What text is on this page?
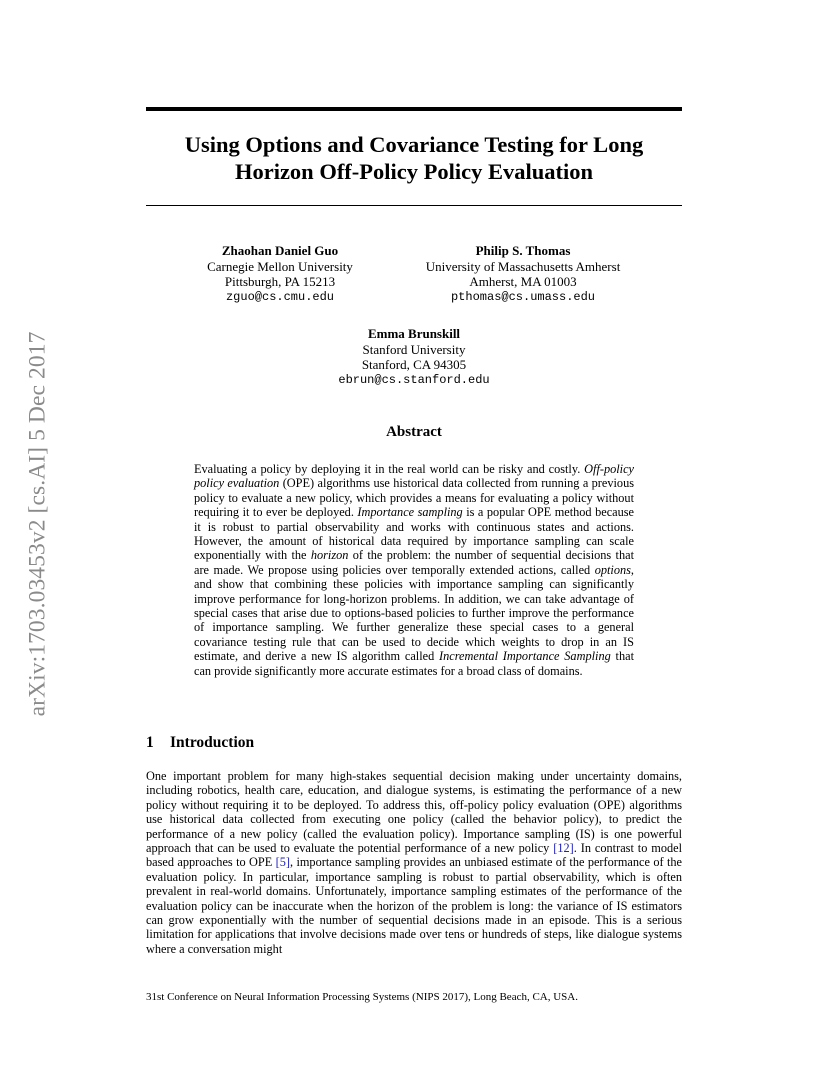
arXiv:1703.03453v2 [cs.AI] 5 Dec 2017
Using Options and Covariance Testing for Long
Horizon Off-Policy Policy Evaluation
Zhaohan Daniel Guo
Carnegie Mellon University
Pittsburgh, PA 15213
zguo@cs.cmu.edu
Philip S. Thomas
University of Massachusetts Amherst
Amherst, MA 01003
pthomas@cs.umass.edu
Emma Brunskill
Stanford University
Stanford, CA 94305
ebrun@cs.stanford.edu
Abstract

Evaluating a policy by deploying it in the real world can be risky and costly. Off-policy policy evaluation (OPE) algorithms use historical data collected from running a previous policy to evaluate a new policy, which provides a means for evaluating a policy without requiring it to ever be deployed. Importance sampling is a popular OPE method because it is robust to partial observability and works with continuous states and actions. However, the amount of historical data required by importance sampling can scale exponentially with the horizon of the problem: the number of sequential decisions that are made. We propose using policies over temporally extended actions, called options, and show that combining these policies with importance sampling can significantly improve performance for long-horizon problems. In addition, we can take advantage of special cases that arise due to options-based policies to further improve the performance of importance sampling. We further generalize these special cases to a general covariance testing rule that can be used to decide which weights to drop in an IS estimate, and derive a new IS algorithm called Incremental Importance Sampling that can provide significantly more accurate estimates for a broad class of domains.

1 Introduction

One important problem for many high-stakes sequential decision making under uncertainty domains, including robotics, health care, education, and dialogue systems, is estimating the performance of a new policy without requiring it to be deployed. To address this, off-policy policy evaluation (OPE) algorithms use historical data collected from executing one policy (called the behavior policy), to predict the performance of a new policy (called the evaluation policy). Importance sampling (IS) is one powerful approach that can be used to evaluate the potential performance of a new policy [12]. In contrast to model based approaches to OPE [5], importance sampling provides an unbiased estimate of the performance of the evaluation policy. In particular, importance sampling is robust to partial observability, which is often prevalent in real-world domains. Unfortunately, importance sampling estimates of the performance of the evaluation policy can be inaccurate when the horizon of the problem is long: the variance of IS estimators can grow exponentially with the number of sequential decisions made in an episode. This is a serious limitation for applications that involve decisions made over tens or hundreds of steps, like dialogue systems where a conversation might

31st Conference on Neural Information Processing Systems (NIPS 2017), Long Beach, CA, USA.
